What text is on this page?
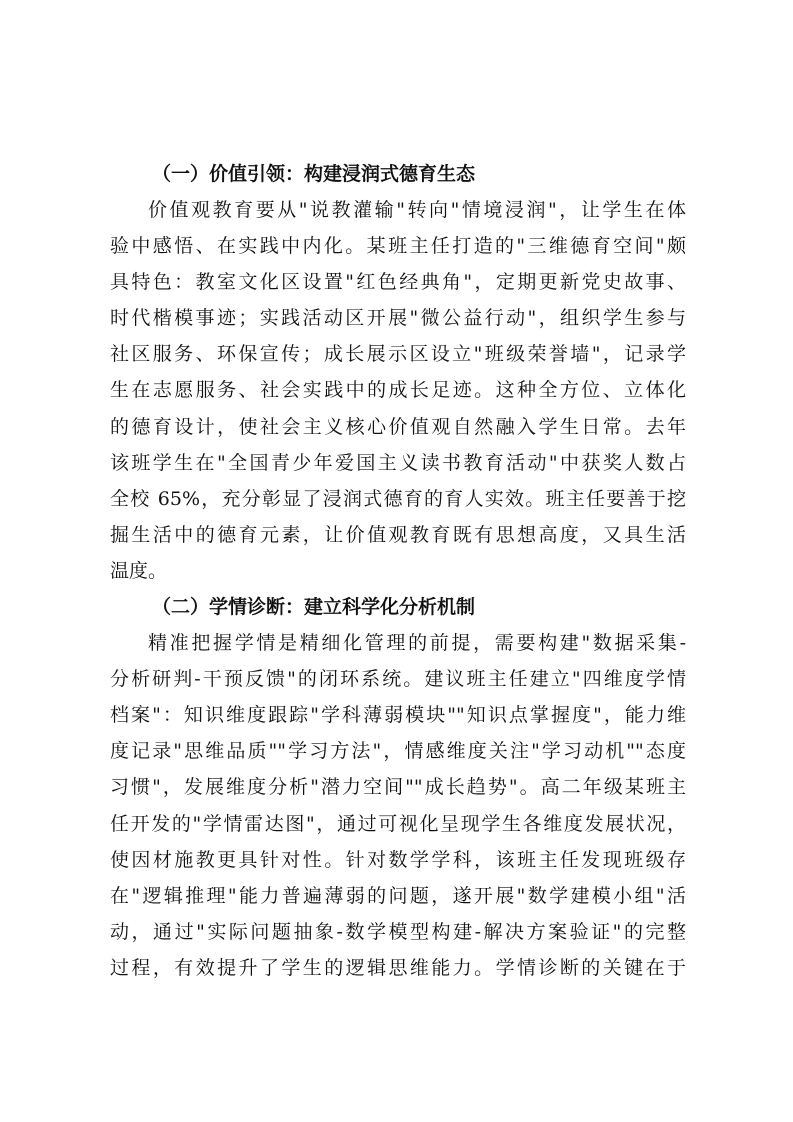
（一）价值引领：构建浸润式德育生态

价值观教育要从"说教灌输"转向"情境浸润"，让学生在体
验中感悟、在实践中内化。某班主任打造的"三维德育空间"颇
具特色：教室文化区设置"红色经典角"，定期更新党史故事、
时代楷模事迹；实践活动区开展"微公益行动"，组织学生参与
社区服务、环保宣传；成长展示区设立"班级荣誉墙"，记录学
生在志愿服务、社会实践中的成长足迹。这种全方位、立体化
的德育设计，使社会主义核心价值观自然融入学生日常。去年
该班学生在"全国青少年爱国主义读书教育活动"中获奖人数占
全校 65%，充分彰显了浸润式德育的育人实效。班主任要善于挖
掘生活中的德育元素，让价值观教育既有思想高度，又具生活
温度。

（二）学情诊断：建立科学化分析机制

精准把握学情是精细化管理的前提，需要构建"数据采集-
分析研判-干预反馈"的闭环系统。建议班主任建立"四维度学情
档案"：知识维度跟踪"学科薄弱模块""知识点掌握度"，能力维
度记录"思维品质""学习方法"，情感维度关注"学习动机""态度
习惯"，发展维度分析"潜力空间""成长趋势"。高二年级某班主
任开发的"学情雷达图"，通过可视化呈现学生各维度发展状况，
使因材施教更具针对性。针对数学学科，该班主任发现班级存
在"逻辑推理"能力普遍薄弱的问题，遂开展"数学建模小组"活
动，通过"实际问题抽象-数学模型构建-解决方案验证"的完整
过程，有效提升了学生的逻辑思维能力。学情诊断的关键在于
